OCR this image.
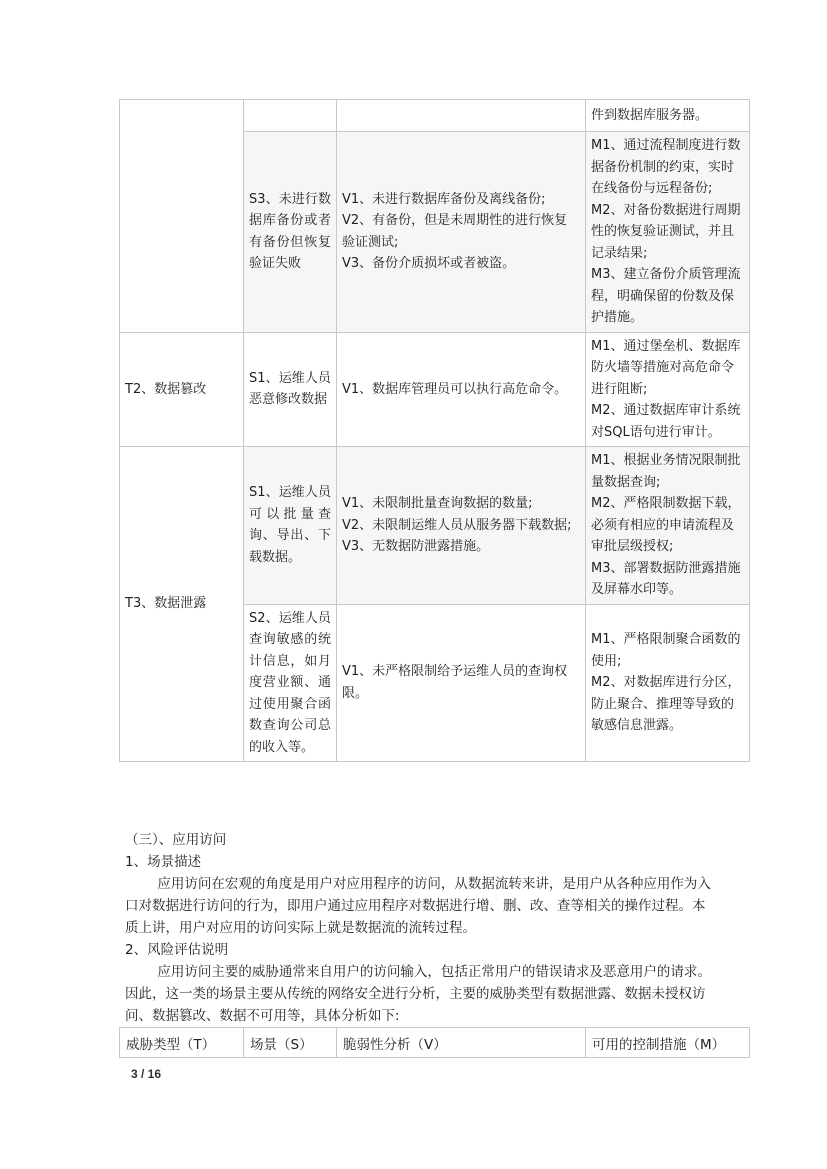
			件到数据库服务器。

	S3、未进行数据库备份或者有备份但恢复验证失败	V1、未进行数据库备份及离线备份;
V2、有备份，但是未周期性的进行恢复验证测试;
V3、备份介质损坏或者被盗。	M1、通过流程制度进行数据备份机制的约束，实时在线备份与远程备份;
M2、对备份数据进行周期性的恢复验证测试，并且记录结果;
M3、建立备份介质管理流程，明确保留的份数及保护措施。

T2、数据篡改	S1、运维人员恶意修改数据	V1、数据库管理员可以执行高危命令。	M1、通过堡垒机、数据库防火墙等措施对高危命令进行阻断;
M2、通过数据库审计系统对SQL语句进行审计。

T3、数据泄露	S1、运维人员可以批量查询、导出、下载数据。	V1、未限制批量查询数据的数量;
V2、未限制运维人员从服务器下载数据;
V3、无数据防泄露措施。	M1、根据业务情况限制批量数据查询;
M2、严格限制数据下载，必须有相应的申请流程及审批层级授权;
M3、部署数据防泄露措施及屏幕水印等。

	S2、运维人员查询敏感的统计信息，如月度营业额、通过使用聚合函数查询公司总的收入等。	V1、未严格限制给予运维人员的查询权限。	M1、严格限制聚合函数的使用;
M2、对数据库进行分区，防止聚合、推理等导致的敏感信息泄露。

（三）、应用访问

1、场景描述

应用访问在宏观的角度是用户对应用程序的访问，从数据流转来讲，是用户从各种应用作为入口对数据进行访问的行为，即用户通过应用程序对数据进行增、删、改、查等相关的操作过程。本质上讲，用户对应用的访问实际上就是数据流的流转过程。

2、风险评估说明

应用访问主要的威胁通常来自用户的访问输入，包括正常用户的错误请求及恶意用户的请求。因此，这一类的场景主要从传统的网络安全进行分析，主要的威胁类型有数据泄露、数据未授权访问、数据篡改、数据不可用等，具体分析如下:

威胁类型（T）	场景（S）	脆弱性分析（V）	可用的控制措施（M）
3 / 16
